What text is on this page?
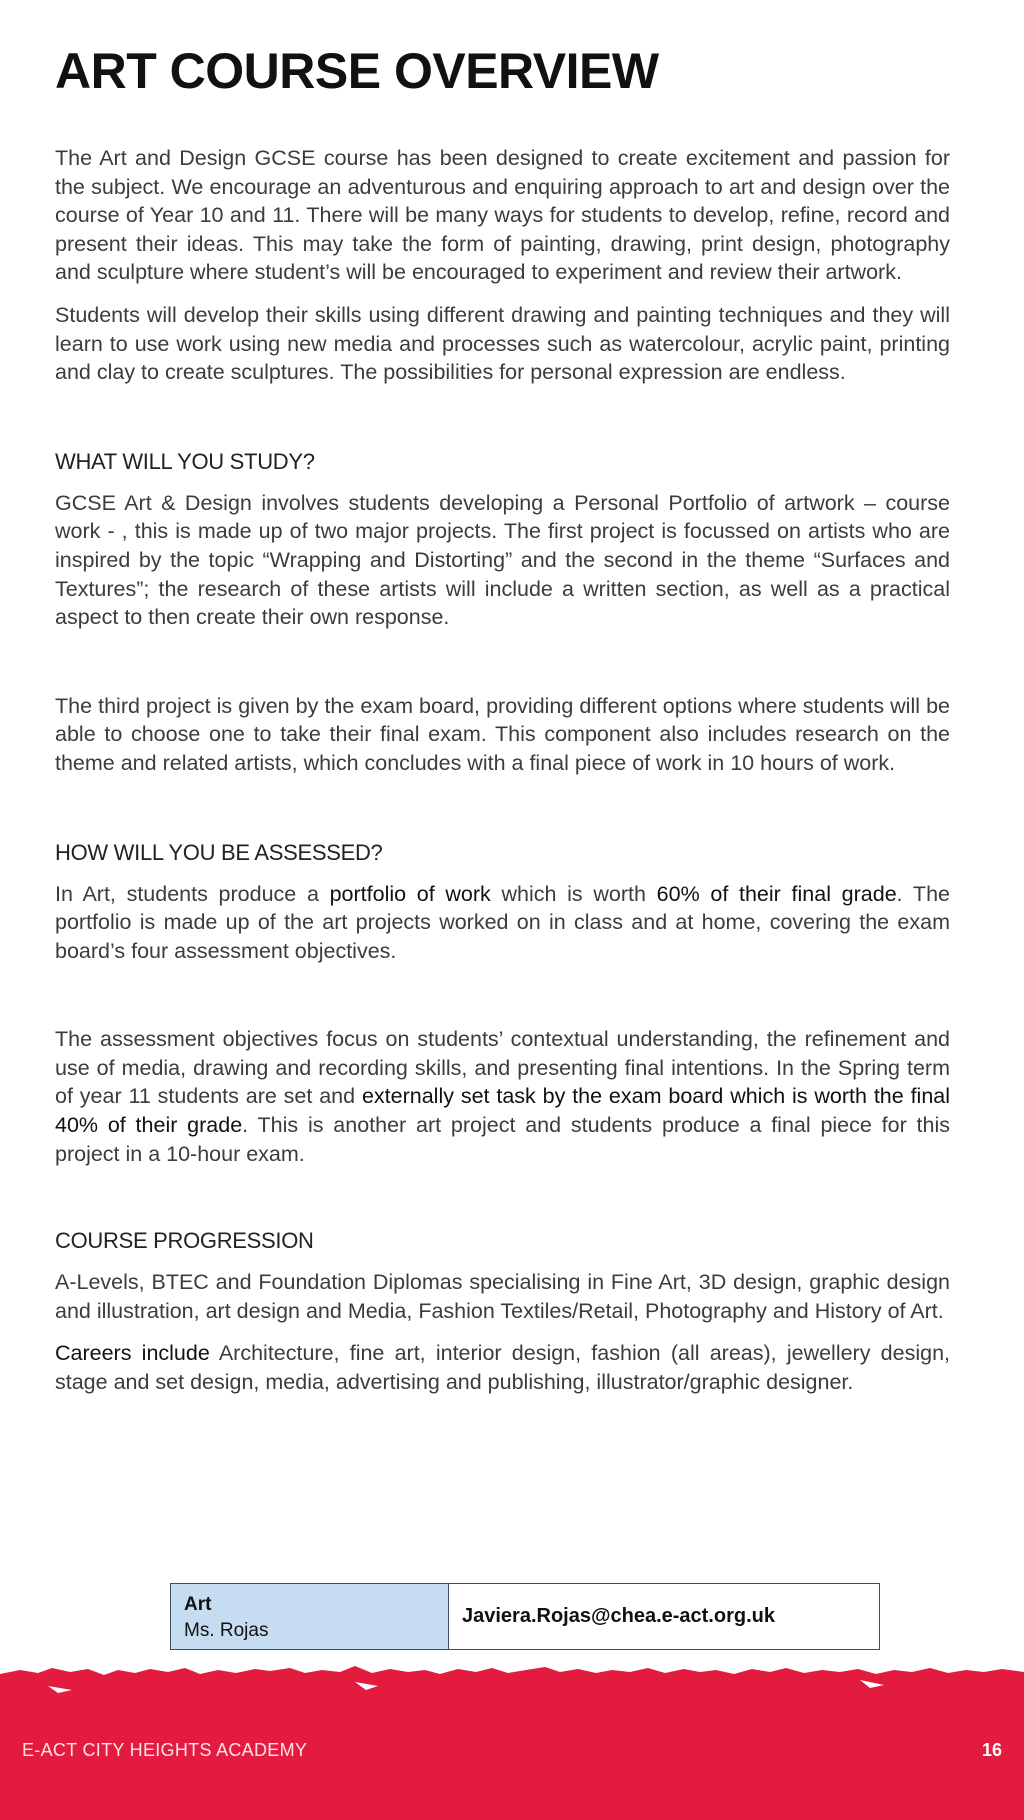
ART COURSE OVERVIEW

The Art and Design GCSE course has been designed to create excitement and passion for the subject. We encourage an adventurous and enquiring approach to art and design over the course of Year 10 and 11. There will be many ways for students to develop, refine, record and present their ideas. This may take the form of painting, drawing, print design, photography and sculpture where student’s will be encouraged to experiment and review their artwork.

Students will develop their skills using different drawing and painting techniques and they will learn to use work using new media and processes such as watercolour, acrylic paint, printing and clay to create sculptures. The possibilities for personal expression are endless.

WHAT WILL YOU STUDY?

GCSE Art & Design involves students developing a Personal Portfolio of artwork – course work - , this is made up of two major projects. The first project is focussed on artists who are inspired by the topic “Wrapping and Distorting” and the second in the theme “Surfaces and Textures”; the research of these artists will include a written section, as well as a practical aspect to then create their own response.

The third project is given by the exam board, providing different options where students will be able to choose one to take their final exam. This component also includes research on the theme and related artists, which concludes with a final piece of work in 10 hours of work.

HOW WILL YOU BE ASSESSED?

In Art, students produce a portfolio of work which is worth 60% of their final grade. The portfolio is made up of the art projects worked on in class and at home, covering the exam board’s four assessment objectives.

The assessment objectives focus on students’ contextual understanding, the refinement and use of media, drawing and recording skills, and presenting final intentions. In the Spring term of year 11 students are set and externally set task by the exam board which is worth the final 40% of their grade. This is another art project and students produce a final piece for this project in a 10-hour exam.

COURSE PROGRESSION

A-Levels, BTEC and Foundation Diplomas specialising in Fine Art, 3D design, graphic design and illustration, art design and Media, Fashion Textiles/Retail, Photography and History of Art.

Careers include Architecture, fine art, interior design, fashion (all areas), jewellery design, stage and set design, media, advertising and publishing, illustrator/graphic designer.

Art
Ms. Rojas
Javiera.Rojas@chea.e-act.org.uk
E-ACT CITY HEIGHTS ACADEMY	16
